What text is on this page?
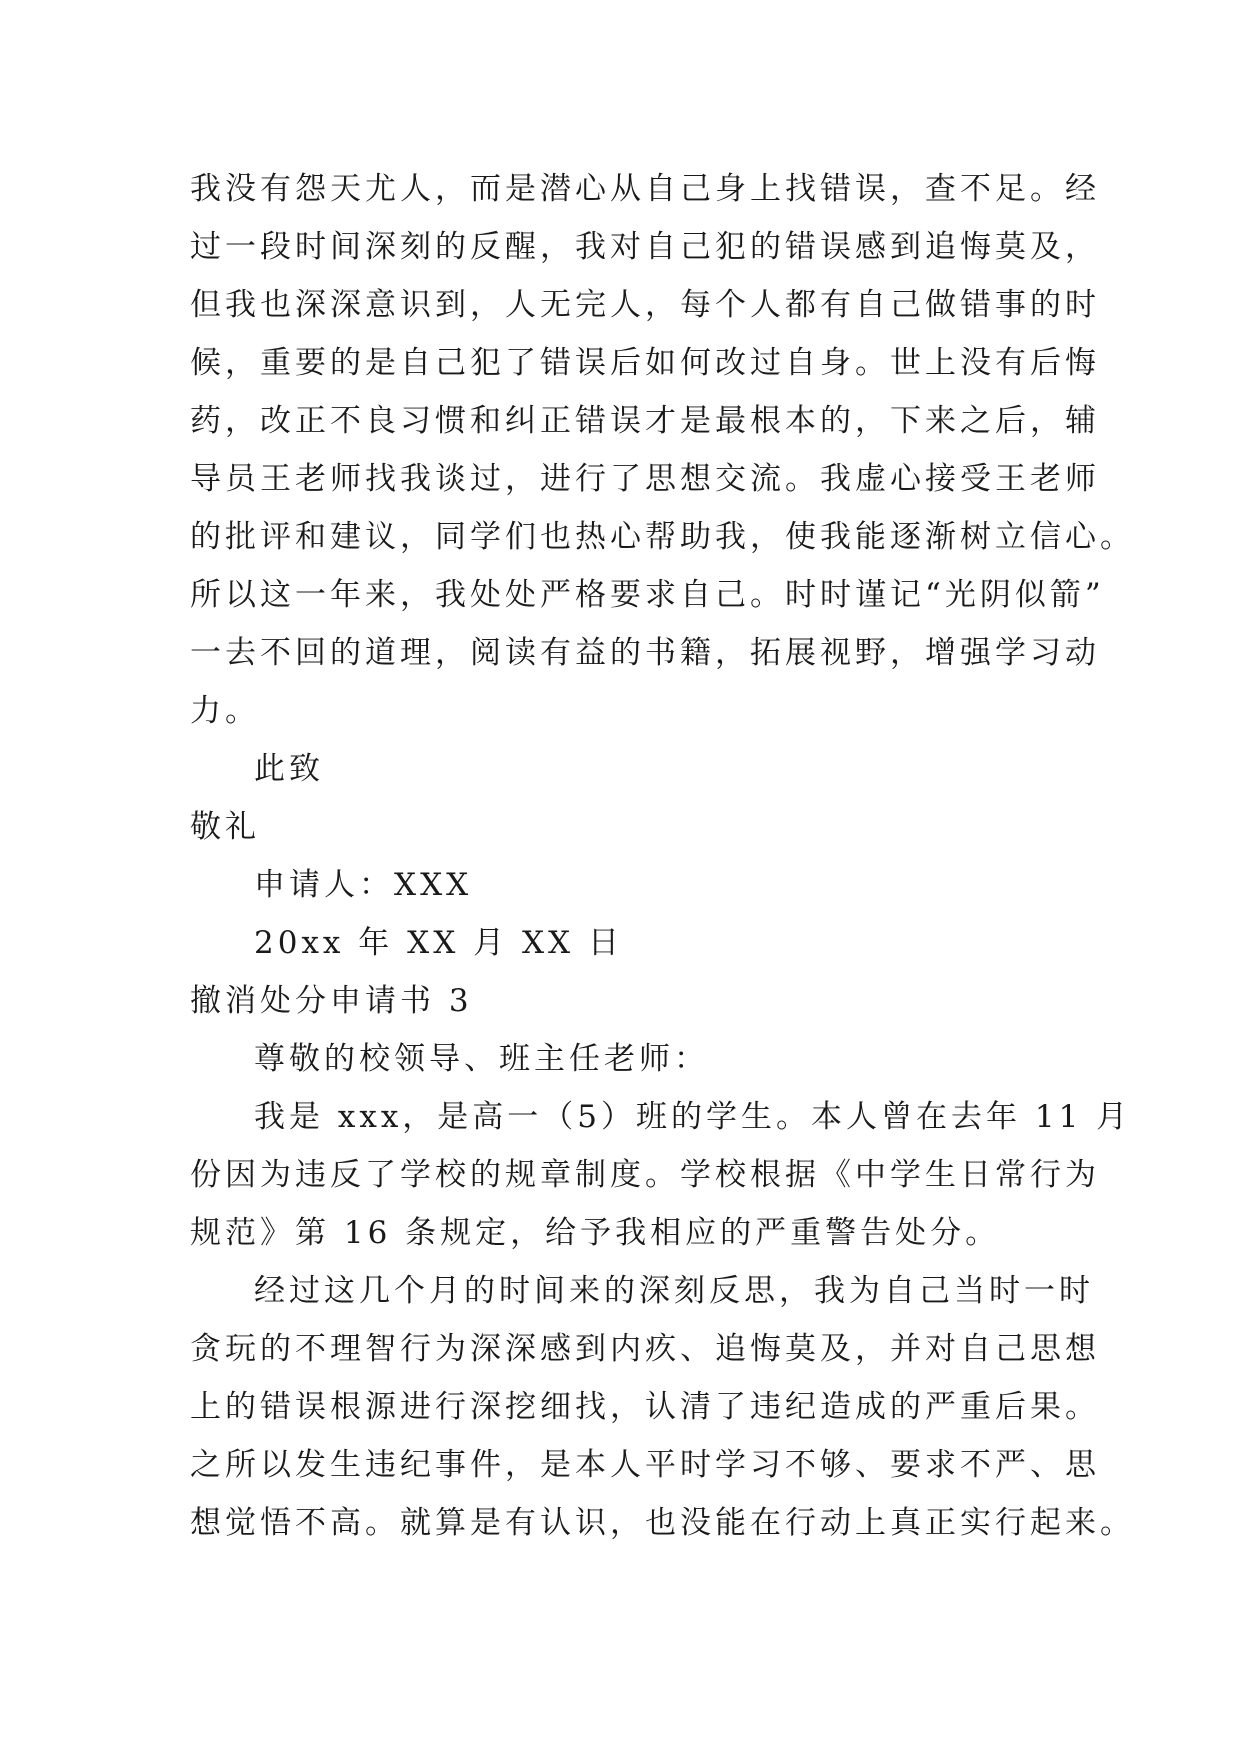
我没有怨天尤人，而是潜心从自己身上找错误，查不足。经
过一段时间深刻的反醒，我对自己犯的错误感到追悔莫及，
但我也深深意识到，人无完人，每个人都有自己做错事的时
候，重要的是自己犯了错误后如何改过自身。世上没有后悔
药，改正不良习惯和纠正错误才是最根本的，下来之后，辅
导员王老师找我谈过，进行了思想交流。我虚心接受王老师
的批评和建议，同学们也热心帮助我，使我能逐渐树立信心。
所以这一年来，我处处严格要求自己。时时谨记“光阴似箭”
一去不回的道理，阅读有益的书籍，拓展视野，增强学习动
力。
此致
敬礼
申请人：XXX
20xx 年 XX 月 XX 日
撤消处分申请书 3
尊敬的校领导、班主任老师：
我是 xxx，是高一（5）班的学生。本人曾在去年 11 月
份因为违反了学校的规章制度。学校根据《中学生日常行为
规范》第 16 条规定，给予我相应的严重警告处分。
经过这几个月的时间来的深刻反思，我为自己当时一时
贪玩的不理智行为深深感到内疚、追悔莫及，并对自己思想
上的错误根源进行深挖细找，认清了违纪造成的严重后果。
之所以发生违纪事件，是本人平时学习不够、要求不严、思
想觉悟不高。就算是有认识，也没能在行动上真正实行起来。
